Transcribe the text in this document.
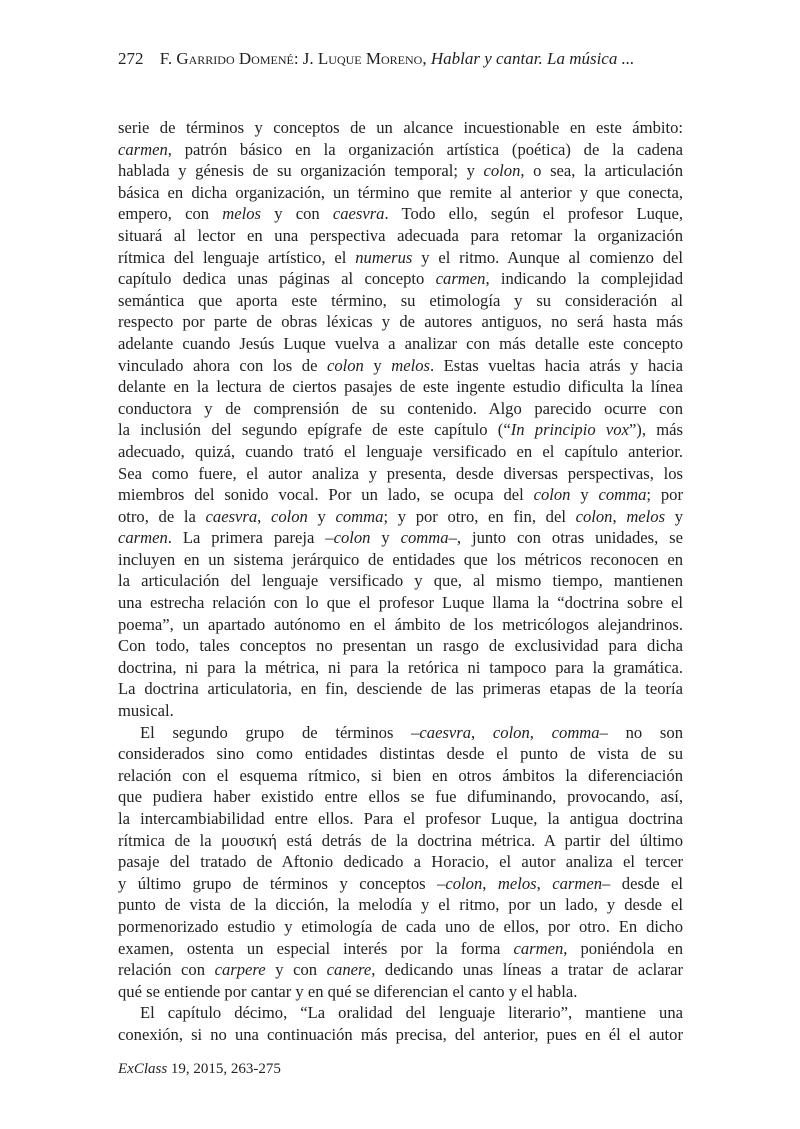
272 F. Garrido Domené: J. Luque Moreno, Hablar y cantar. La música ...
serie de términos y conceptos de un alcance incuestionable en este ámbito:
carmen, patrón básico en la organización artística (poética) de la cadena
hablada y génesis de su organización temporal; y colon, o sea, la articulación
básica en dicha organización, un término que remite al anterior y que conecta,
empero, con melos y con caesvra. Todo ello, según el profesor Luque,
situará al lector en una perspectiva adecuada para retomar la organización
rítmica del lenguaje artístico, el numerus y el ritmo. Aunque al comienzo del
capítulo dedica unas páginas al concepto carmen, indicando la complejidad
semántica que aporta este término, su etimología y su consideración al
respecto por parte de obras léxicas y de autores antiguos, no será hasta más
adelante cuando Jesús Luque vuelva a analizar con más detalle este concepto
vinculado ahora con los de colon y melos. Estas vueltas hacia atrás y hacia
delante en la lectura de ciertos pasajes de este ingente estudio dificulta la línea
conductora y de comprensión de su contenido. Algo parecido ocurre con
la inclusión del segundo epígrafe de este capítulo (“In principio vox”), más
adecuado, quizá, cuando trató el lenguaje versificado en el capítulo anterior.
Sea como fuere, el autor analiza y presenta, desde diversas perspectivas, los
miembros del sonido vocal. Por un lado, se ocupa del colon y comma; por
otro, de la caesvra, colon y comma; y por otro, en fin, del colon, melos y
carmen. La primera pareja –colon y comma–, junto con otras unidades, se
incluyen en un sistema jerárquico de entidades que los métricos reconocen en
la articulación del lenguaje versificado y que, al mismo tiempo, mantienen
una estrecha relación con lo que el profesor Luque llama la “doctrina sobre el
poema”, un apartado autónomo en el ámbito de los metricólogos alejandrinos.
Con todo, tales conceptos no presentan un rasgo de exclusividad para dicha
doctrina, ni para la métrica, ni para la retórica ni tampoco para la gramática.
La doctrina articulatoria, en fin, desciende de las primeras etapas de la teoría
musical.
El segundo grupo de términos –caesvra, colon, comma– no son
considerados sino como entidades distintas desde el punto de vista de su
relación con el esquema rítmico, si bien en otros ámbitos la diferenciación
que pudiera haber existido entre ellos se fue difuminando, provocando, así,
la intercambiabilidad entre ellos. Para el profesor Luque, la antigua doctrina
rítmica de la μουσική está detrás de la doctrina métrica. A partir del último
pasaje del tratado de Aftonio dedicado a Horacio, el autor analiza el tercer
y último grupo de términos y conceptos –colon, melos, carmen– desde el
punto de vista de la dicción, la melodía y el ritmo, por un lado, y desde el
pormenorizado estudio y etimología de cada uno de ellos, por otro. En dicho
examen, ostenta un especial interés por la forma carmen, poniéndola en
relación con carpere y con canere, dedicando unas líneas a tratar de aclarar
qué se entiende por cantar y en qué se diferencian el canto y el habla.
El capítulo décimo, “La oralidad del lenguaje literario”, mantiene una
conexión, si no una continuación más precisa, del anterior, pues en él el autor
ExClass 19, 2015, 263-275
